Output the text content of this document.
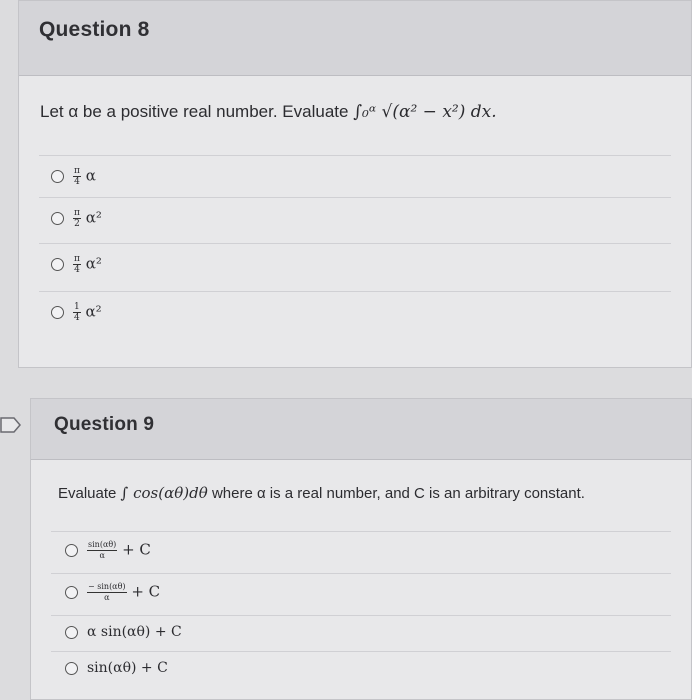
Question 8
Let α be a positive real number. Evaluate ∫₀ᵅ √(α² − x²) dx.
$\frac{\pi}{4}$ α
$\frac{\pi}{2} \alpha^2$
$\frac{\pi}{4} \alpha^2$
$\frac{1}{4} \alpha^2$
Question 9
Evaluate ∫ cos(αθ)dθ where α is a real number, and C is an arbitrary constant.
$\frac{\sin(\alpha\theta)}{\alpha} + C$
$\frac{- \sin(\alpha\theta)}{\alpha} + C$
α sin(αθ) + C
sin(αθ) + C
